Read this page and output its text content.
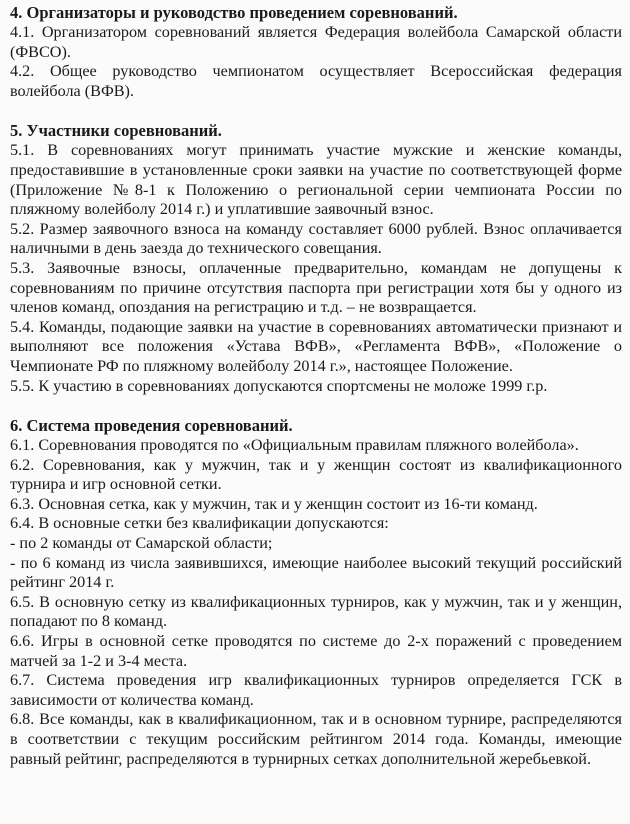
4. Организаторы и руководство проведением соревнований.

4.1. Организатором соревнований является Федерация волейбола Самарской области (ФВСО).

4.2. Общее руководство чемпионатом осуществляет Всероссийская федерация волейбола (ВФВ).

5. Участники соревнований.

5.1. В соревнованиях могут принимать участие мужские и женские команды, предоставившие в установленные сроки заявки на участие по соответствующей форме (Приложение №8-1 к Положению о региональной серии чемпионата России по пляжному волейболу 2014 г.) и уплатившие заявочный взнос.

5.2. Размер заявочного взноса на команду составляет 6000 рублей. Взнос оплачивается наличными в день заезда до технического совещания.

5.3. Заявочные взносы, оплаченные предварительно, командам не допущены к соревнованиям по причине отсутствия паспорта при регистрации хотя бы у одного из членов команд, опоздания на регистрацию и т.д. – не возвращается.

5.4. Команды, подающие заявки на участие в соревнованиях автоматически признают и выполняют все положения «Устава ВФВ», «Регламента ВФВ», «Положение о Чемпионате РФ по пляжному волейболу 2014 г.», настоящее Положение.

5.5. К участию в соревнованиях допускаются спортсмены не моложе 1999 г.р.

6. Система проведения соревнований.

6.1. Соревнования проводятся по «Официальным правилам пляжного волейбола».

6.2. Соревнования, как у мужчин, так и у женщин состоят из квалификационного турнира и игр основной сетки.

6.3. Основная сетка, как у мужчин, так и у женщин состоит из 16-ти команд.

6.4. В основные сетки без квалификации допускаются:

- по 2 команды от Самарской области;

- по 6 команд из числа заявившихся, имеющие наиболее высокий текущий российский рейтинг 2014 г.

6.5. В основную сетку из квалификационных турниров, как у мужчин, так и у женщин, попадают по 8 команд.

6.6. Игры в основной сетке проводятся по системе до 2-х поражений с проведением матчей за 1-2 и 3-4 места.

6.7. Система проведения игр квалификационных турниров определяется ГСК в зависимости от количества команд.

6.8. Все команды, как в квалификационном, так и в основном турнире, распределяются в соответствии с текущим российским рейтингом 2014 года. Команды, имеющие равный рейтинг, распределяются в турнирных сетках дополнительной жеребьевкой.
